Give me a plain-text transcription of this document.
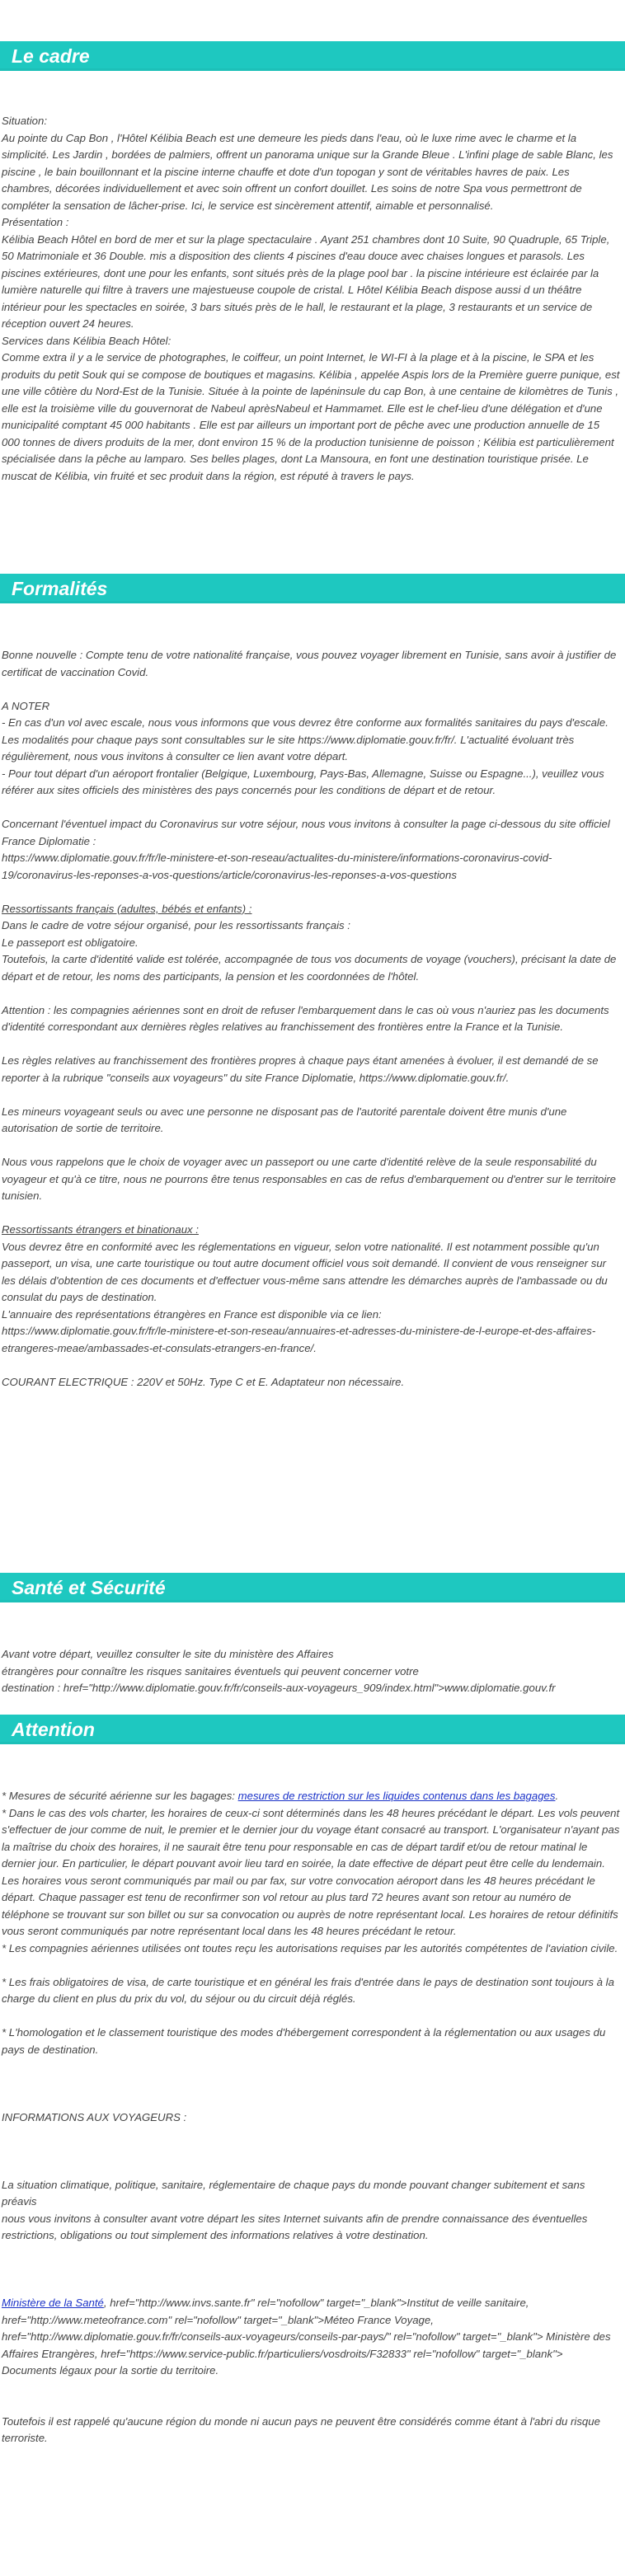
Le cadre

Situation:
Au pointe du Cap Bon , l'Hôtel Kélibia Beach est une demeure les pieds dans l'eau, où le luxe rime avec le charme et la simplicité. Les Jardin , bordées de palmiers, offrent un panorama unique sur la Grande Bleue . L'infini plage de sable Blanc, les piscine , le bain bouillonnant et la piscine interne chauffe et dote d'un topogan y sont de véritables havres de paix. Les chambres, décorées individuellement et avec soin offrent un confort douillet. Les soins de notre Spa vous permettront de compléter la sensation de lâcher-prise. Ici, le service est sincèrement attentif, aimable et personnalisé.
Présentation :
Kélibia Beach Hôtel en bord de mer et sur la plage spectaculaire . Ayant 251 chambres dont 10 Suite, 90 Quadruple, 65 Triple, 50 Matrimoniale et 36 Double. mis a disposition des clients 4 piscines d'eau douce avec chaises longues et parasols. Les piscines extérieures, dont une pour les enfants, sont situés près de la plage pool bar . la piscine intérieure est éclairée par la lumière naturelle qui filtre à travers une majestueuse coupole de cristal. L Hôtel Kélibia Beach dispose aussi d un théâtre intérieur pour les spectacles en soirée, 3 bars situés près de le hall, le restaurant et la plage, 3 restaurants et un service de réception ouvert 24 heures.
Services dans Kélibia Beach Hôtel:
Comme extra il y a le service de photographes, le coiffeur, un point Internet, le WI-FI à la plage et à la piscine, le SPA et les produits du petit Souk qui se compose de boutiques et magasins. Kélibia , appelée Aspis lors de la Première guerre punique, est une ville côtière du Nord-Est de la Tunisie. Située à la pointe de lapéninsule du cap Bon, à une centaine de kilomètres de Tunis , elle est la troisième ville du gouvernorat de Nabeul aprèsNabeul et Hammamet. Elle est le chef-lieu d'une délégation et d'une municipalité comptant 45 000 habitants . Elle est par ailleurs un important port de pêche avec une production annuelle de 15 000 tonnes de divers produits de la mer, dont environ 15 % de la production tunisienne de poisson ; Kélibia est particulièrement spécialisée dans la pêche au lamparo. Ses belles plages, dont La Mansoura, en font une destination touristique prisée. Le muscat de Kélibia, vin fruité et sec produit dans la région, est réputé à travers le pays.

Formalités

Bonne nouvelle : Compte tenu de votre nationalité française, vous pouvez voyager librement en Tunisie, sans avoir à justifier de certificat de vaccination Covid.

A NOTER
- En cas d'un vol avec escale, nous vous informons que vous devrez être conforme aux formalités sanitaires du pays d'escale.
Les modalités pour chaque pays sont consultables sur le site https://www.diplomatie.gouv.fr/fr/. L'actualité évoluant très régulièrement, nous vous invitons à consulter ce lien avant votre départ.
- Pour tout départ d'un aéroport frontalier (Belgique, Luxembourg, Pays-Bas, Allemagne, Suisse ou Espagne...), veuillez vous référer aux sites officiels des ministères des pays concernés pour les conditions de départ et de retour.

Concernant l'éventuel impact du Coronavirus sur votre séjour, nous vous invitons à consulter la page ci-dessous du site officiel France Diplomatie :
https://www.diplomatie.gouv.fr/fr/le-ministere-et-son-reseau/actualites-du-ministere/informations-coronavirus-covid-19/coronavirus-les-reponses-a-vos-questions/article/coronavirus-les-reponses-a-vos-questions

Ressortissants français (adultes, bébés et enfants) :
Dans le cadre de votre séjour organisé, pour les ressortissants français :
Le passeport est obligatoire.
Toutefois, la carte d'identité valide est tolérée, accompagnée de tous vos documents de voyage (vouchers), précisant la date de départ et de retour, les noms des participants, la pension et les coordonnées de l'hôtel.

Attention : les compagnies aériennes sont en droit de refuser l'embarquement dans le cas où vous n'auriez pas les documents d'identité correspondant aux dernières règles relatives au franchissement des frontières entre la France et la Tunisie.

Les règles relatives au franchissement des frontières propres à chaque pays étant amenées à évoluer, il est demandé de se reporter à la rubrique "conseils aux voyageurs" du site France Diplomatie, https://www.diplomatie.gouv.fr/.

Les mineurs voyageant seuls ou avec une personne ne disposant pas de l'autorité parentale doivent être munis d'une autorisation de sortie de territoire.

Nous vous rappelons que le choix de voyager avec un passeport ou une carte d'identité relève de la seule responsabilité du voyageur et qu'à ce titre, nous ne pourrons être tenus responsables en cas de refus d'embarquement ou d'entrer sur le territoire tunisien.

Ressortissants étrangers et binationaux :
Vous devrez être en conformité avec les réglementations en vigueur, selon votre nationalité. Il est notamment possible qu'un passeport, un visa, une carte touristique ou tout autre document officiel vous soit demandé. Il convient de vous renseigner sur les délais d'obtention de ces documents et d'effectuer vous-même sans attendre les démarches auprès de l'ambassade ou du consulat du pays de destination.
L'annuaire des représentations étrangères en France est disponible via ce lien:
https://www.diplomatie.gouv.fr/fr/le-ministere-et-son-reseau/annuaires-et-adresses-du-ministere-de-l-europe-et-des-affaires-etrangeres-meae/ambassades-et-consulats-etrangers-en-france/.

COURANT ELECTRIQUE : 220V et 50Hz. Type C et E. Adaptateur non nécessaire.

Santé et Sécurité

Avant votre départ, veuillez consulter le site du ministère des Affaires
étrangères pour connaître les risques sanitaires éventuels qui peuvent concerner votre
destination : href="http://www.diplomatie.gouv.fr/fr/conseils-aux-voyageurs_909/index.html">www.diplomatie.gouv.fr

Attention

* Mesures de sécurité aérienne sur les bagages: mesures de restriction sur les liquides contenus dans les bagages.
* Dans le cas des vols charter, les horaires de ceux-ci sont déterminés dans les 48 heures précédant le départ. Les vols peuvent s'effectuer de jour comme de nuit, le premier et le dernier jour du voyage étant consacré au transport. L'organisateur n'ayant pas la maîtrise du choix des horaires, il ne saurait être tenu pour responsable en cas de départ tardif et/ou de retour matinal le dernier jour. En particulier, le départ pouvant avoir lieu tard en soirée, la date effective de départ peut être celle du lendemain. Les horaires vous seront communiqués par mail ou par fax, sur votre convocation aéroport dans les 48 heures précédant le départ. Chaque passager est tenu de reconfirmer son vol retour au plus tard 72 heures avant son retour au numéro de téléphone se trouvant sur son billet ou sur sa convocation ou auprès de notre représentant local. Les horaires de retour définitifs vous seront communiqués par notre représentant local dans les 48 heures précédant le retour.
* Les compagnies aériennes utilisées ont toutes reçu les autorisations requises par les autorités compétentes de l'aviation civile.

* Les frais obligatoires de visa, de carte touristique et en général les frais d'entrée dans le pays de destination sont toujours à la charge du client en plus du prix du vol, du séjour ou du circuit déjà réglés.

* L'homologation et le classement touristique des modes d'hébergement correspondent à la réglementation ou aux usages du pays de destination.

INFORMATIONS AUX VOYAGEURS :

La situation climatique, politique, sanitaire, réglementaire de chaque pays du monde pouvant changer subitement et sans préavis
nous vous invitons à consulter avant votre départ les sites Internet suivants afin de prendre connaissance des éventuelles restrictions, obligations ou tout simplement des informations relatives à votre destination.

Ministère de la Santé, href="http://www.invs.sante.fr" rel="nofollow" target="_blank">Institut de veille sanitaire, href="http://www.meteofrance.com" rel="nofollow" target="_blank">Méteo France Voyage, href="http://www.diplomatie.gouv.fr/fr/conseils-aux-voyageurs/conseils-par-pays/" rel="nofollow" target="_blank"> Ministère des Affaires Etrangères, href="https://www.service-public.fr/particuliers/vosdroits/F32833" rel="nofollow" target="_blank"> Documents légaux pour la sortie du territoire.

Toutefois il est rappelé qu'aucune région du monde ni aucun pays ne peuvent être considérés comme étant à l'abri du risque terroriste.
